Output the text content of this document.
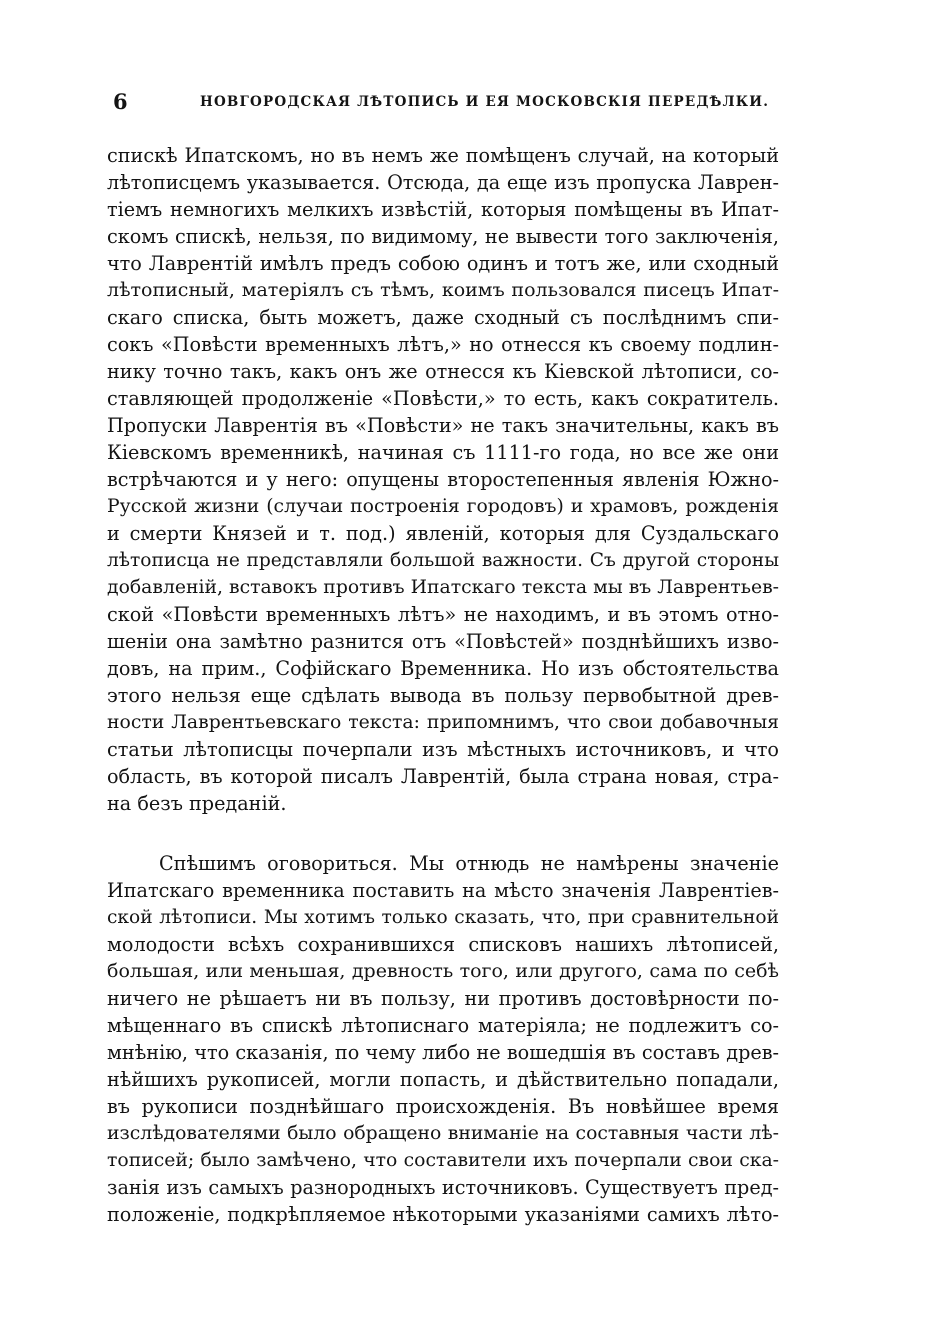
6	НОВГОРОДСКАЯ ЛѢТОПИСЬ И ЕЯ МОСКОВСКІЯ ПЕРЕДѢЛКИ.
спискѣ Ипатскомъ, но въ немъ же помѣщенъ случай, на который
лѣтописцемъ указывается. Отсюда, да еще изъ пропуска Лаврен-
тіемъ немногихъ мелкихъ извѣстій, которыя помѣщены въ Ипат-
скомъ спискѣ, нельзя, по видимому, не вывести того заключенія,
что Лаврентій имѣлъ предъ собою одинъ и тотъ же, или сходный
лѣтописный, матеріялъ съ тѣмъ, коимъ пользовался писецъ Ипат-
скаго списка, быть можетъ, даже сходный съ послѣднимъ спи-
сокъ «Повѣсти временныхъ лѣтъ,» но отнесся къ своему подлин-
нику точно такъ, какъ онъ же отнесся къ Кіевской лѣтописи, со-
ставляющей продолженіе «Повѣсти,» то есть, какъ сократитель.
Пропуски Лаврентія въ «Повѣсти» не такъ значительны, какъ въ
Кіевскомъ временникѣ, начиная съ 1111-го года, но все же они
встрѣчаются и у него: опущены второстепенныя явленія Южно-
Русской жизни (случаи построенія городовъ) и храмовъ, рожденія
и смерти Князей и т. под.) явленій, которыя для Суздальскаго
лѣтописца не представляли большой важности. Съ другой стороны
добавленій, вставокъ противъ Ипатскаго текста мы въ Лаврентьев-
ской «Повѣсти временныхъ лѣтъ» не находимъ, и въ этомъ отно-
шеніи она замѣтно разнится отъ «Повѣстей» позднѣйшихъ изво-
довъ, на прим., Софійскаго Временника. Но изъ обстоятельства
этого нельзя еще сдѣлать вывода въ пользу первобытной древ-
ности Лаврентьевскаго текста: припомнимъ, что свои добавочныя
статьи лѣтописцы почерпали изъ мѣстныхъ источниковъ, и что
область, въ которой писалъ Лаврентій, была страна новая, стра-
на безъ преданій.
Спѣшимъ оговориться. Мы отнюдь не намѣрены значеніе
Ипатскаго временника поставить на мѣсто значенія Лаврентіев-
ской лѣтописи. Мы хотимъ только сказать, что, при сравнительной
молодости всѣхъ сохранившихся списковъ нашихъ лѣтописей,
большая, или меньшая, древность того, или другого, сама по себѣ
ничего не рѣшаетъ ни въ пользу, ни противъ достовѣрности по-
мѣщеннаго въ спискѣ лѣтописнаго матеріяла; не подлежитъ со-
мнѣнію, что сказанія, по чему либо не вошедшія въ составъ древ-
нѣйшихъ рукописей, могли попасть, и дѣйствительно попадали,
въ рукописи позднѣйшаго происхожденія. Въ новѣйшее время
изслѣдователями было обращено вниманіе на составныя части лѣ-
тописей; было замѣчено, что составители ихъ почерпали свои ска-
занія изъ самыхъ разнородныхъ источниковъ. Существуетъ пред-
положеніе, подкрѣпляемое нѣкоторыми указаніями самихъ лѣто-
